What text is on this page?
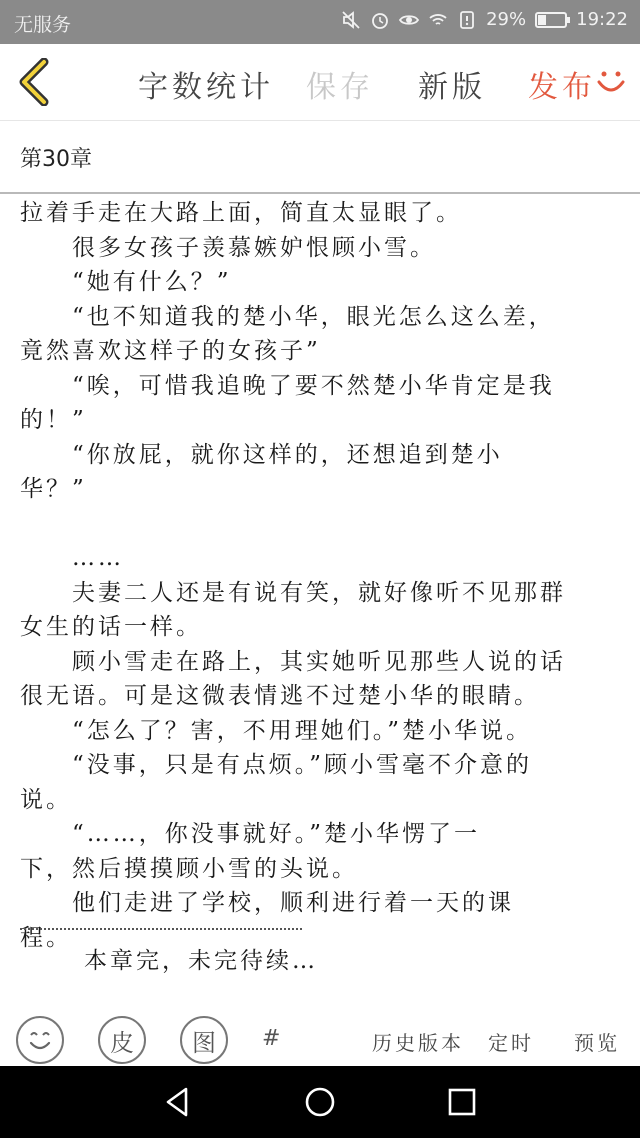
无服务	29%	19:22
字数统计 保存 新版 发布
第30章
拉着手走在大路上面，简直太显眼了。
　　很多女孩子羡慕嫉妒恨顾小雪。
　　“她有什么？”
　　“也不知道我的楚小华，眼光怎么这么差，
竟然喜欢这样子的女孩子”
　　“唉，可惜我追晚了要不然楚小华肯定是我
的！”
　　“你放屁，就你这样的，还想追到楚小
华？”
　　……
　　夫妻二人还是有说有笑，就好像听不见那群
女生的话一样。
　　顾小雪走在路上，其实她听见那些人说的话
很无语。可是这微表情逃不过楚小华的眼睛。
　　“怎么了？害，不用理她们。”楚小华说。
　　“没事，只是有点烦。”顾小雪毫不介意的
说。
　　“……，你没事就好。”楚小华愣了一
下，然后摸摸顾小雪的头说。
　　他们走进了学校，顺利进行着一天的课
程。
本章完，未完待续…
皮 图 #	历史版本 定时 预览
